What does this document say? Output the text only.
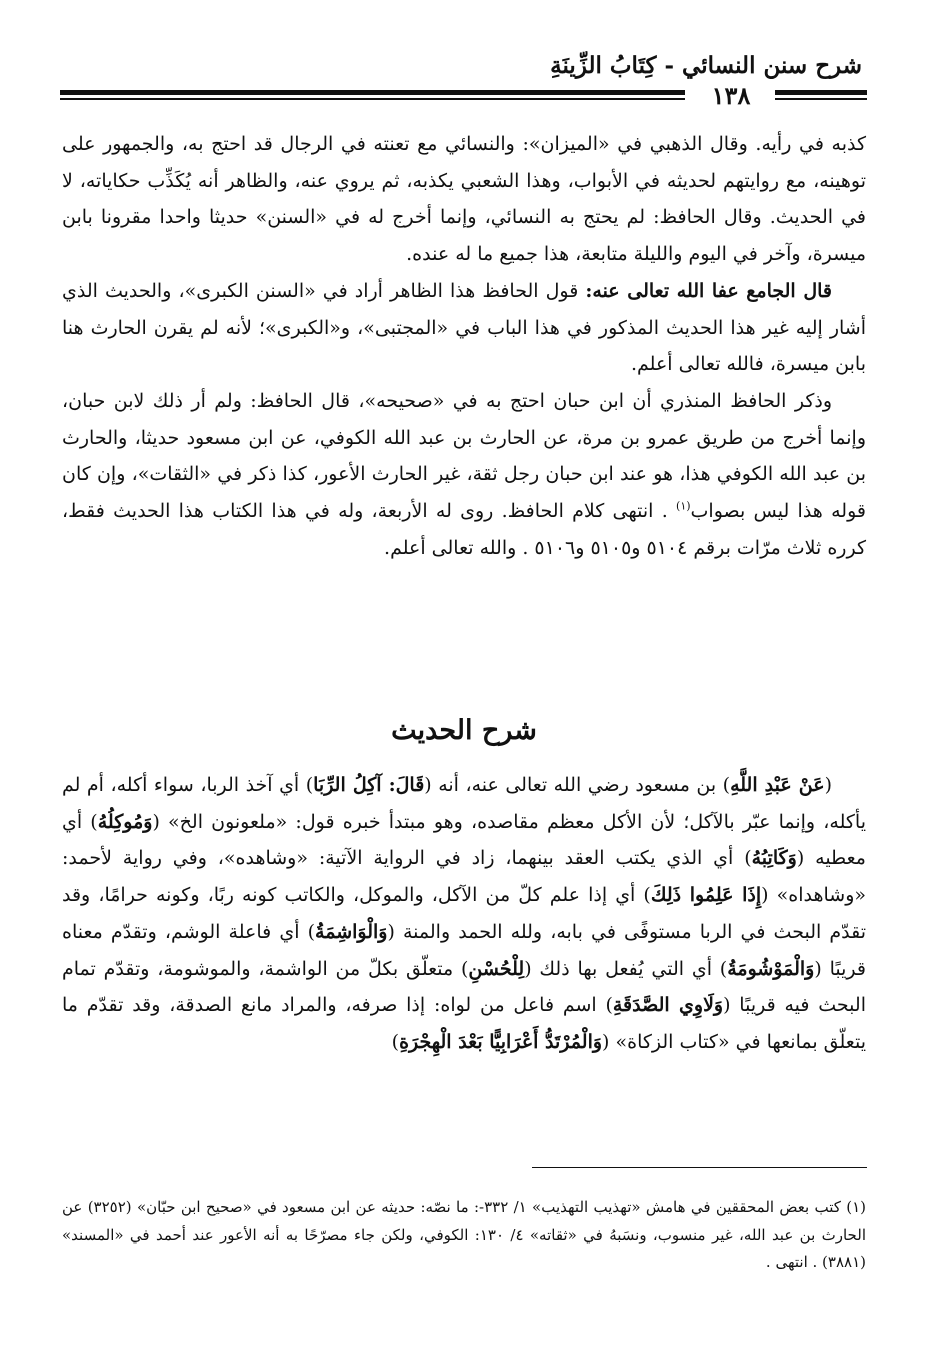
شرح سنن النسائي - كِتَابُ الزِّينَةِ
١٣٨

كذبه في رأيه. وقال الذهبي في «الميزان»: والنسائي مع تعنته في الرجال قد احتج به، والجمهور على توهينه، مع روايتهم لحديثه في الأبواب، وهذا الشعبي يكذبه، ثم يروي عنه، والظاهر أنه يُكَذِّب حكاياته، لا في الحديث. وقال الحافظ: لم يحتج به النسائي، وإنما أخرج له في «السنن» حديثا واحدا مقرونا بابن ميسرة، وآخر في اليوم والليلة متابعة، هذا جميع ما له عنده.

قال الجامع عفا الله تعالى عنه: قول الحافظ هذا الظاهر أراد في «السنن الكبرى»، والحديث الذي أشار إليه غير هذا الحديث المذكور في هذا الباب في «المجتبى»، و«الكبرى»؛ لأنه لم يقرن الحارث هنا بابن ميسرة، فالله تعالى أعلم.

وذكر الحافظ المنذري أن ابن حبان احتج به في «صحيحه»، قال الحافظ: ولم أر ذلك لابن حبان، وإنما أخرج من طريق عمرو بن مرة، عن الحارث بن عبد الله الكوفي، عن ابن مسعود حديثا، والحارث بن عبد الله الكوفي هذا، هو عند ابن حبان رجل ثقة، غير الحارث الأعور، كذا ذكر في «الثقات»، وإن كان قوله هذا ليس بصواب$^{(١)}$ . انتهى كلام الحافظ. روى له الأربعة، وله في هذا الكتاب هذا الحديث فقط، كرره ثلاث مرّات برقم ٥١٠٤ و٥١٠٥ و٥١٠٦ . والله تعالى أعلم.

شرح الحديث

(عَنْ عَبْدِ اللَّهِ) بن مسعود رضي الله تعالى عنه، أنه (قَالَ: آكِلُ الرِّبَا) أي آخذ الربا، سواء أكله، أم لم يأكله، وإنما عبّر بالآكل؛ لأن الأكل معظم مقاصده، وهو مبتدأ خبره قول: «ملعونون الخ» (وَمُوكِلُهُ) أي معطيه (وَكَاتِبُهُ) أي الذي يكتب العقد بينهما، زاد في الرواية الآتية: «وشاهده»، وفي رواية لأحمد: «وشاهداه» (إِذَا عَلِمُوا ذَلِكَ) أي إذا علم كلّ من الآكل، والموكل، والكاتب كونه ربًا، وكونه حرامًا، وقد تقدّم البحث في الربا مستوفًى في بابه، ولله الحمد والمنة (وَالْوَاشِمَةُ) أي فاعلة الوشم، وتقدّم معناه قريبًا (وَالْمَوْشُومَةُ) أي التي يُفعل بها ذلك (لِلْحُسْنِ) متعلّق بكلّ من الواشمة، والموشومة، وتقدّم تمام البحث فيه قريبًا (وَلَاوِي الصَّدَقَةِ) اسم فاعل من لواه: إذا صرفه، والمراد مانع الصدقة، وقد تقدّم ما يتعلّق بمانعها في «كتاب الزكاة» (وَالْمُرْتَدُّ أَعْرَابِيًّا بَعْدَ الْهِجْرَةِ)

(١) كتب بعض المحققين في هامش «تهذيب التهذيب» ١/ ٣٣٢-: ما نصّه: حديثه عن ابن مسعود في «صحيح ابن حبّان» (٣٢٥٢) عن الحارث بن عبد الله، غير منسوب، ونسَبهُ في «ثقاته» ٤/ ١٣٠: الكوفي، ولكن جاء مصرّحًا به أنه الأعور عند أحمد في «المسند» (٣٨٨١) . انتهى .
